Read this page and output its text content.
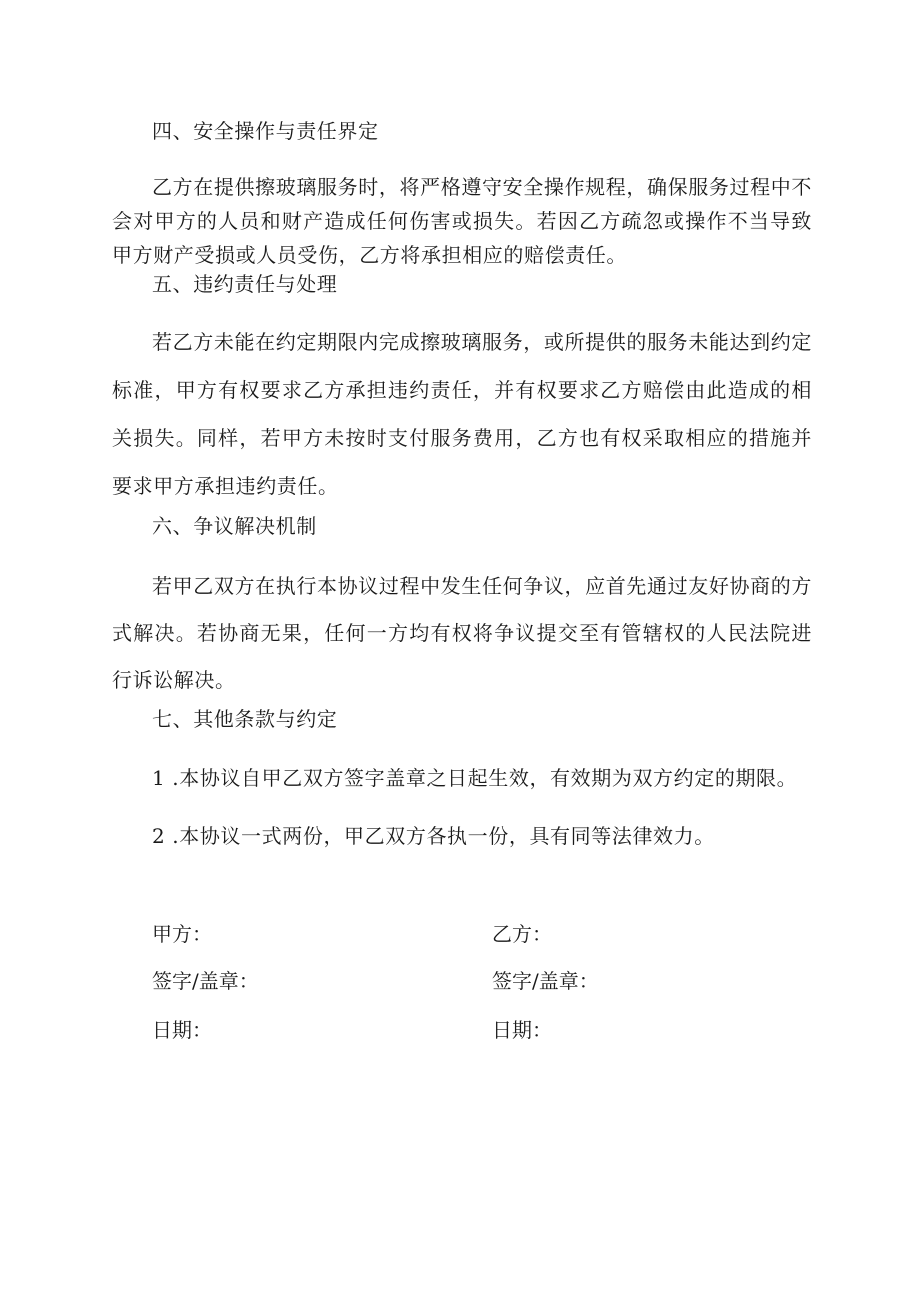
四、安全操作与责任界定
乙方在提供擦玻璃服务时，将严格遵守安全操作规程，确保服务过程中不会对甲方的人员和财产造成任何伤害或损失。若因乙方疏忽或操作不当导致甲方财产受损或人员受伤，乙方将承担相应的赔偿责任。
五、违约责任与处理
若乙方未能在约定期限内完成擦玻璃服务，或所提供的服务未能达到约定标准，甲方有权要求乙方承担违约责任，并有权要求乙方赔偿由此造成的相关损失。同样，若甲方未按时支付服务费用，乙方也有权采取相应的措施并要求甲方承担违约责任。
六、争议解决机制
若甲乙双方在执行本协议过程中发生任何争议，应首先通过友好协商的方式解决。若协商无果，任何一方均有权将争议提交至有管辖权的人民法院进行诉讼解决。
七、其他条款与约定
1 .本协议自甲乙双方签字盖章之日起生效，有效期为双方约定的期限。
2 .本协议一式两份，甲乙双方各执一份，具有同等法律效力。
甲方：
签字/盖章：
日期：
乙方：
签字/盖章：
日期：
